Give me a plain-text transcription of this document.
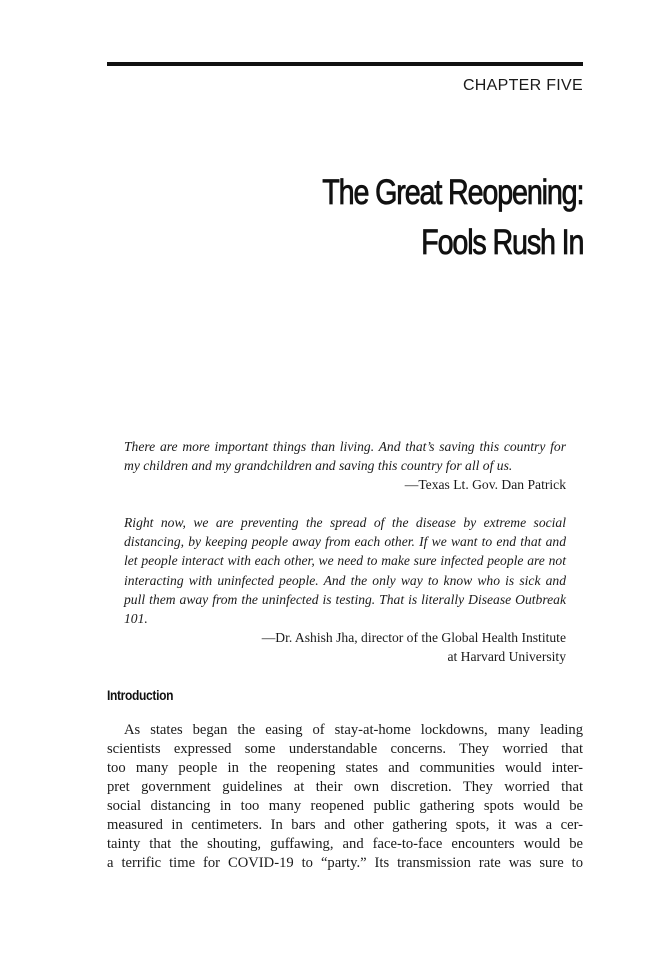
CHAPTER FIVE
The Great Reopening:
Fools Rush In

There are more important things than living. And that’s saving this country for my children and my grandchildren and saving this country for all of us.

—Texas Lt. Gov. Dan Patrick

Right now, we are preventing the spread of the disease by extreme social distancing, by keeping people away from each other. If we want to end that and let people interact with each other, we need to make sure infected people are not interacting with uninfected people. And the only way to know who is sick and pull them away from the uninfected is testing. That is literally Disease Outbreak 101.

—Dr. Ashish Jha, director of the Global Health Institute

at Harvard University

Introduction

As states began the easing of stay-at-home lockdowns, many leading
scientists expressed some understandable concerns. They worried that
too many people in the reopening states and communities would inter-
pret government guidelines at their own discretion. They worried that
social distancing in too many reopened public gathering spots would be
measured in centimeters. In bars and other gathering spots, it was a cer-
tainty that the shouting, guffawing, and face-to-face encounters would be
a terrific time for COVID-19 to “party.” Its transmission rate was sure to
